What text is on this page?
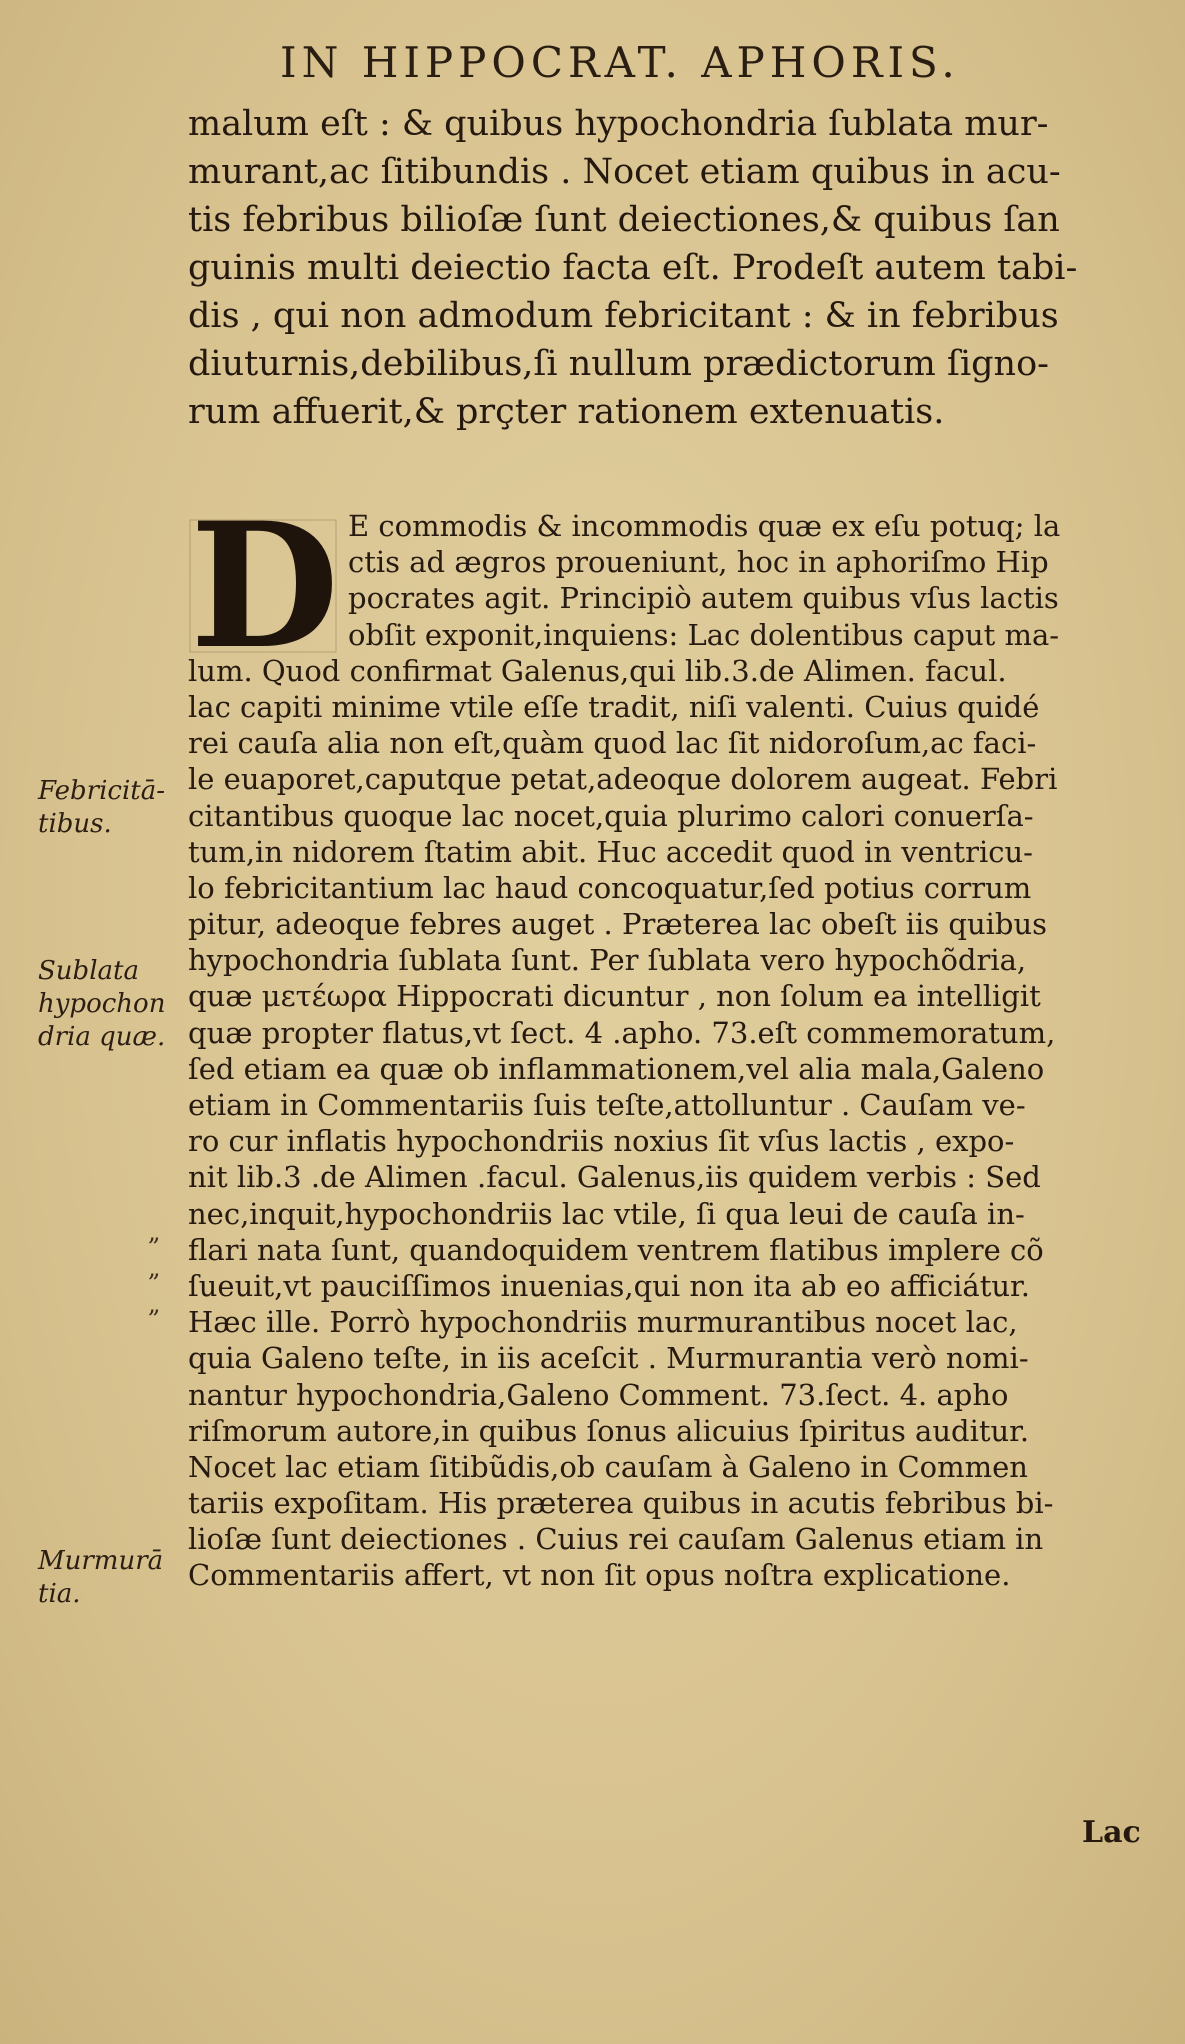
IN HIPPOCRAT. APHORIS.
malum eſt : & quibus hypochondria ſublata mur-
murant,ac ſitibundis . Nocet etiam quibus in acu-
tis febribus bilioſæ ſunt deiectiones,& quibus ſan
guinis multi deiectio facta eſt. Prodeſt autem tabi-
dis , qui non admodum febricitant : & in febribus
diuturnis,debilibus,ſi nullum prædictorum ſigno-
rum affuerit,& prçter rationem extenuatis.
D E commodis & incommodis quæ ex eſu potuq; la
ctis ad ægros proueniunt, hoc in aphoriſmo Hip
pocrates agit. Principiò autem quibus vſus lactis
obſit exponit,inquiens: Lac dolentibus caput ma-
lum. Quod confirmat Galenus,qui lib.3.de Alimen. facul.
lac capiti minime vtile eſſe tradit, niſi valenti. Cuius quidé
rei cauſa alia non eſt,quàm quod lac ſit nidoroſum,ac faci-
le euaporet,caputque petat,adeoque dolorem augeat. Febri
citantibus quoque lac nocet,quia plurimo calori conuerſa-
tum,in nidorem ſtatim abit. Huc accedit quod in ventricu-
lo febricitantium lac haud concoquatur,ſed potius corrum
pitur, adeoque febres auget . Præterea lac obeſt iis quibus
hypochondria ſublata ſunt. Per ſublata vero hypochõdria,
quæ μετέωρα Hippocrati dicuntur , non ſolum ea intelligit
quæ propter flatus,vt ſect. 4 .apho. 73.eſt commemoratum,
ſed etiam ea quæ ob inflammationem,vel alia mala,Galeno
etiam in Commentariis ſuis teſte,attolluntur . Cauſam ve-
ro cur inflatis hypochondriis noxius ſit vſus lactis , expo-
nit lib.3 .de Alimen .facul. Galenus,iis quidem verbis : Sed
nec,inquit,hypochondriis lac vtile, ſi qua leui de cauſa in-
flari nata ſunt, quandoquidem ventrem flatibus implere cõ
ſueuit,vt pauciſſimos inuenias,qui non ita ab eo afficiátur.
Hæc ille. Porrò hypochondriis murmurantibus nocet lac,
quia Galeno teſte, in iis aceſcit . Murmurantia verò nomi-
nantur hypochondria,Galeno Comment. 73.ſect. 4. apho
riſmorum autore,in quibus ſonus alicuius ſpiritus auditur.
Nocet lac etiam ſitibũdis,ob cauſam à Galeno in Commen
tariis expoſitam. His præterea quibus in acutis febribus bi-
lioſæ ſunt deiectiones . Cuius rei cauſam Galenus etiam in
Commentariis affert, vt non ſit opus noſtra explicatione.
Febricitā-
tibus.
Sublata
hypochon
dria quæ.
Murmurā
tia.
„
„
„
Lac
